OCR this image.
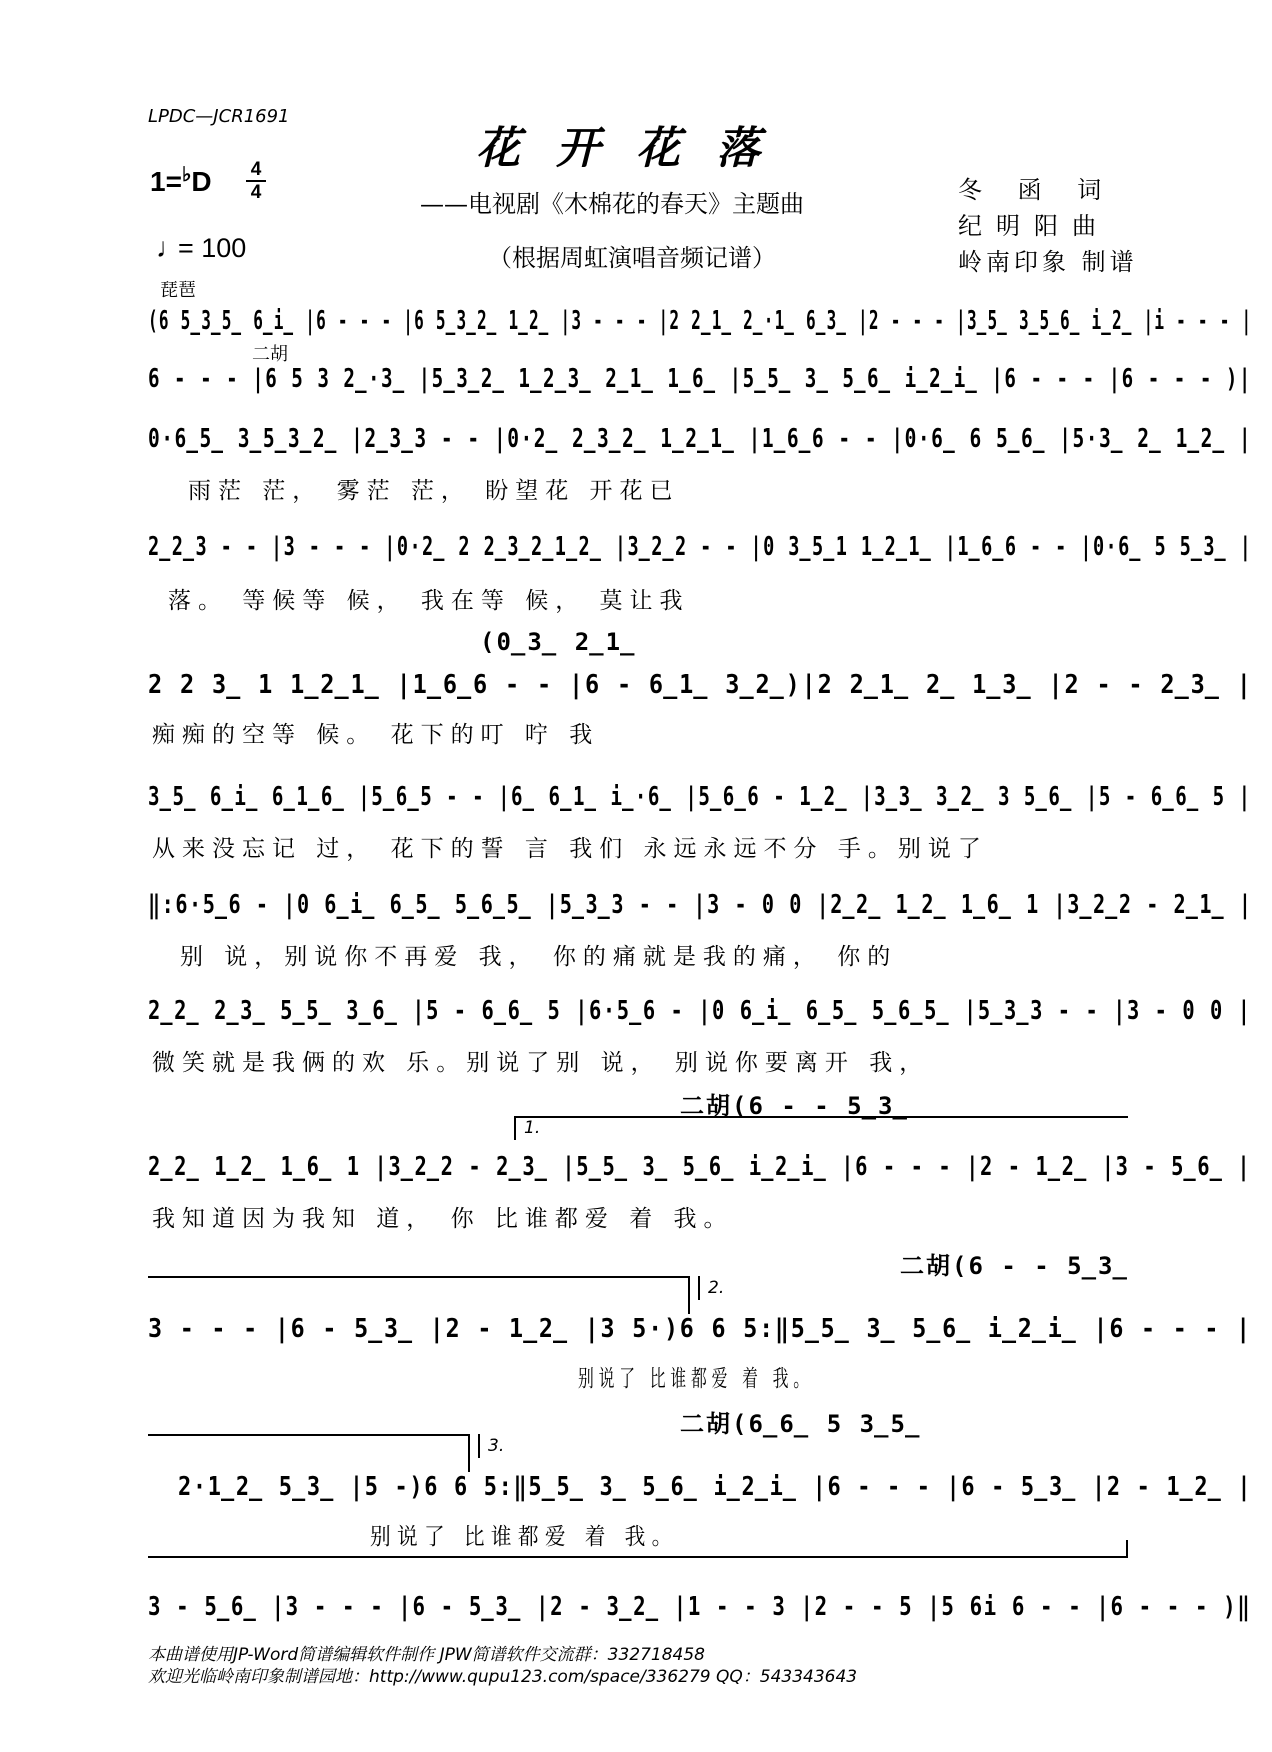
LPDC—JCR1691
花开花落
——电视剧《木棉花的春天》主题曲
（根据周虹演唱音频记谱）
冬 函 词
纪明阳曲
岭南印象 制谱
1=♭D 4
4
♩= 100
琵琶
二胡
(6 5̲3̲5̲ 6̲i̲ |6 - - - |6 5̲3̲2̲ 1̲2̲ |3 - - - |2 2̲1̲ 2̲·1̲ 6̲3̲ |2 - - - |3̲5̲ 3̲5̲6̲ i̲2̲ |i - - - |
6 - - - |6 5 3 2̲·3̲ |5̲3̲2̲ 1̲2̲3̲ 2̲1̲ 1̲6̲ |5̲5̲ 3̲ 5̲6̲ i̲2̲i̲ |6 - - - |6 - - - )|
0·6̲5̲ 3̲5̲3̲2̲ |2̲3̲3 - - |0·2̲ 2̲3̲2̲ 1̲2̲1̲ |1̲6̲6 - - |0·6̲ 6 5̲6̲ |5·3̲ 2̲ 1̲2̲ |
雨茫 茫， 雾茫 茫， 盼望花 开花已
2̲2̲3 - - |3 - - - |0·2̲ 2 2̲3̲2̲1̲2̲ |3̲2̲2 - - |0 3̲5̲1 1̲2̲1̲ |1̲6̲6 - - |0·6̲ 5 5̲3̲ |
落。 等候等 候， 我在等 候， 莫让我
(0̲3̲ 2̲1̲
2 2 3̲ 1 1̲2̲1̲ |1̲6̲6 - - |6 - 6̲1̲ 3̲2̲)|2 2̲1̲ 2̲ 1̲3̲ |2 - - 2̲3̲ |
痴痴的空等 候。 花下的叮 咛 我
3̲5̲ 6̲i̲ 6̲1̲6̲ |5̲6̲5 - - |6̲ 6̲1̲ i̲·6̲ |5̲6̲6 - 1̲2̲ |3̲3̲ 3̲2̲ 3 5̲6̲ |5 - 6̲6̲ 5 |
从来没忘记 过， 花下的誓 言 我们 永远永远不分 手。别说了
‖:6·5̲6 - |0 6̲i̲ 6̲5̲ 5̲6̲5̲ |5̲3̲3 - - |3 - 0 0 |2̲2̲ 1̲2̲ 1̲6̲ 1 |3̲2̲2 - 2̲1̲ |
别 说，别说你不再爱 我， 你的痛就是我的痛， 你的
2̲2̲ 2̲3̲ 5̲5̲ 3̲6̲ |5 - 6̲6̲ 5 |6·5̲6 - |0 6̲i̲ 6̲5̲ 5̲6̲5̲ |5̲3̲3 - - |3 - 0 0 |
微笑就是我俩的欢 乐。别说了别 说， 别说你要离开 我，
二胡(6 - - 5̲3̲
1.
2̲2̲ 1̲2̲ 1̲6̲ 1 |3̲2̲2 - 2̲3̲ |5̲5̲ 3̲ 5̲6̲ i̲2̲i̲ |6 - - - |2 - 1̲2̲ |3 - 5̲6̲ |
我知道因为我知 道， 你 比谁都爱 着 我。
二胡(6 - - 5̲3̲
2.
3 - - - |6 - 5̲3̲ |2 - 1̲2̲ |3 5·)6 6 5:‖5̲5̲ 3̲ 5̲6̲ i̲2̲i̲ |6 - - - |
别说了 比谁都爱 着 我。
二胡(6̲6̲ 5 3̲5̲
3.
2·1̲2̲ 5̲3̲ |5 -)6 6 5:‖5̲5̲ 3̲ 5̲6̲ i̲2̲i̲ |6 - - - |6 - 5̲3̲ |2 - 1̲2̲ |
别说了 比谁都爱 着 我。
3 - 5̲6̲ |3 - - - |6 - 5̲3̲ |2 - 3̲2̲ |1 - - 3 |2 - - 5 |5 6i 6 - - |6 - - - )‖
本曲谱使用JP-Word简谱编辑软件制作 JPW简谱软件交流群：332718458
欢迎光临岭南印象制谱园地：http://www.qupu123.com/space/336279 QQ：543343643
